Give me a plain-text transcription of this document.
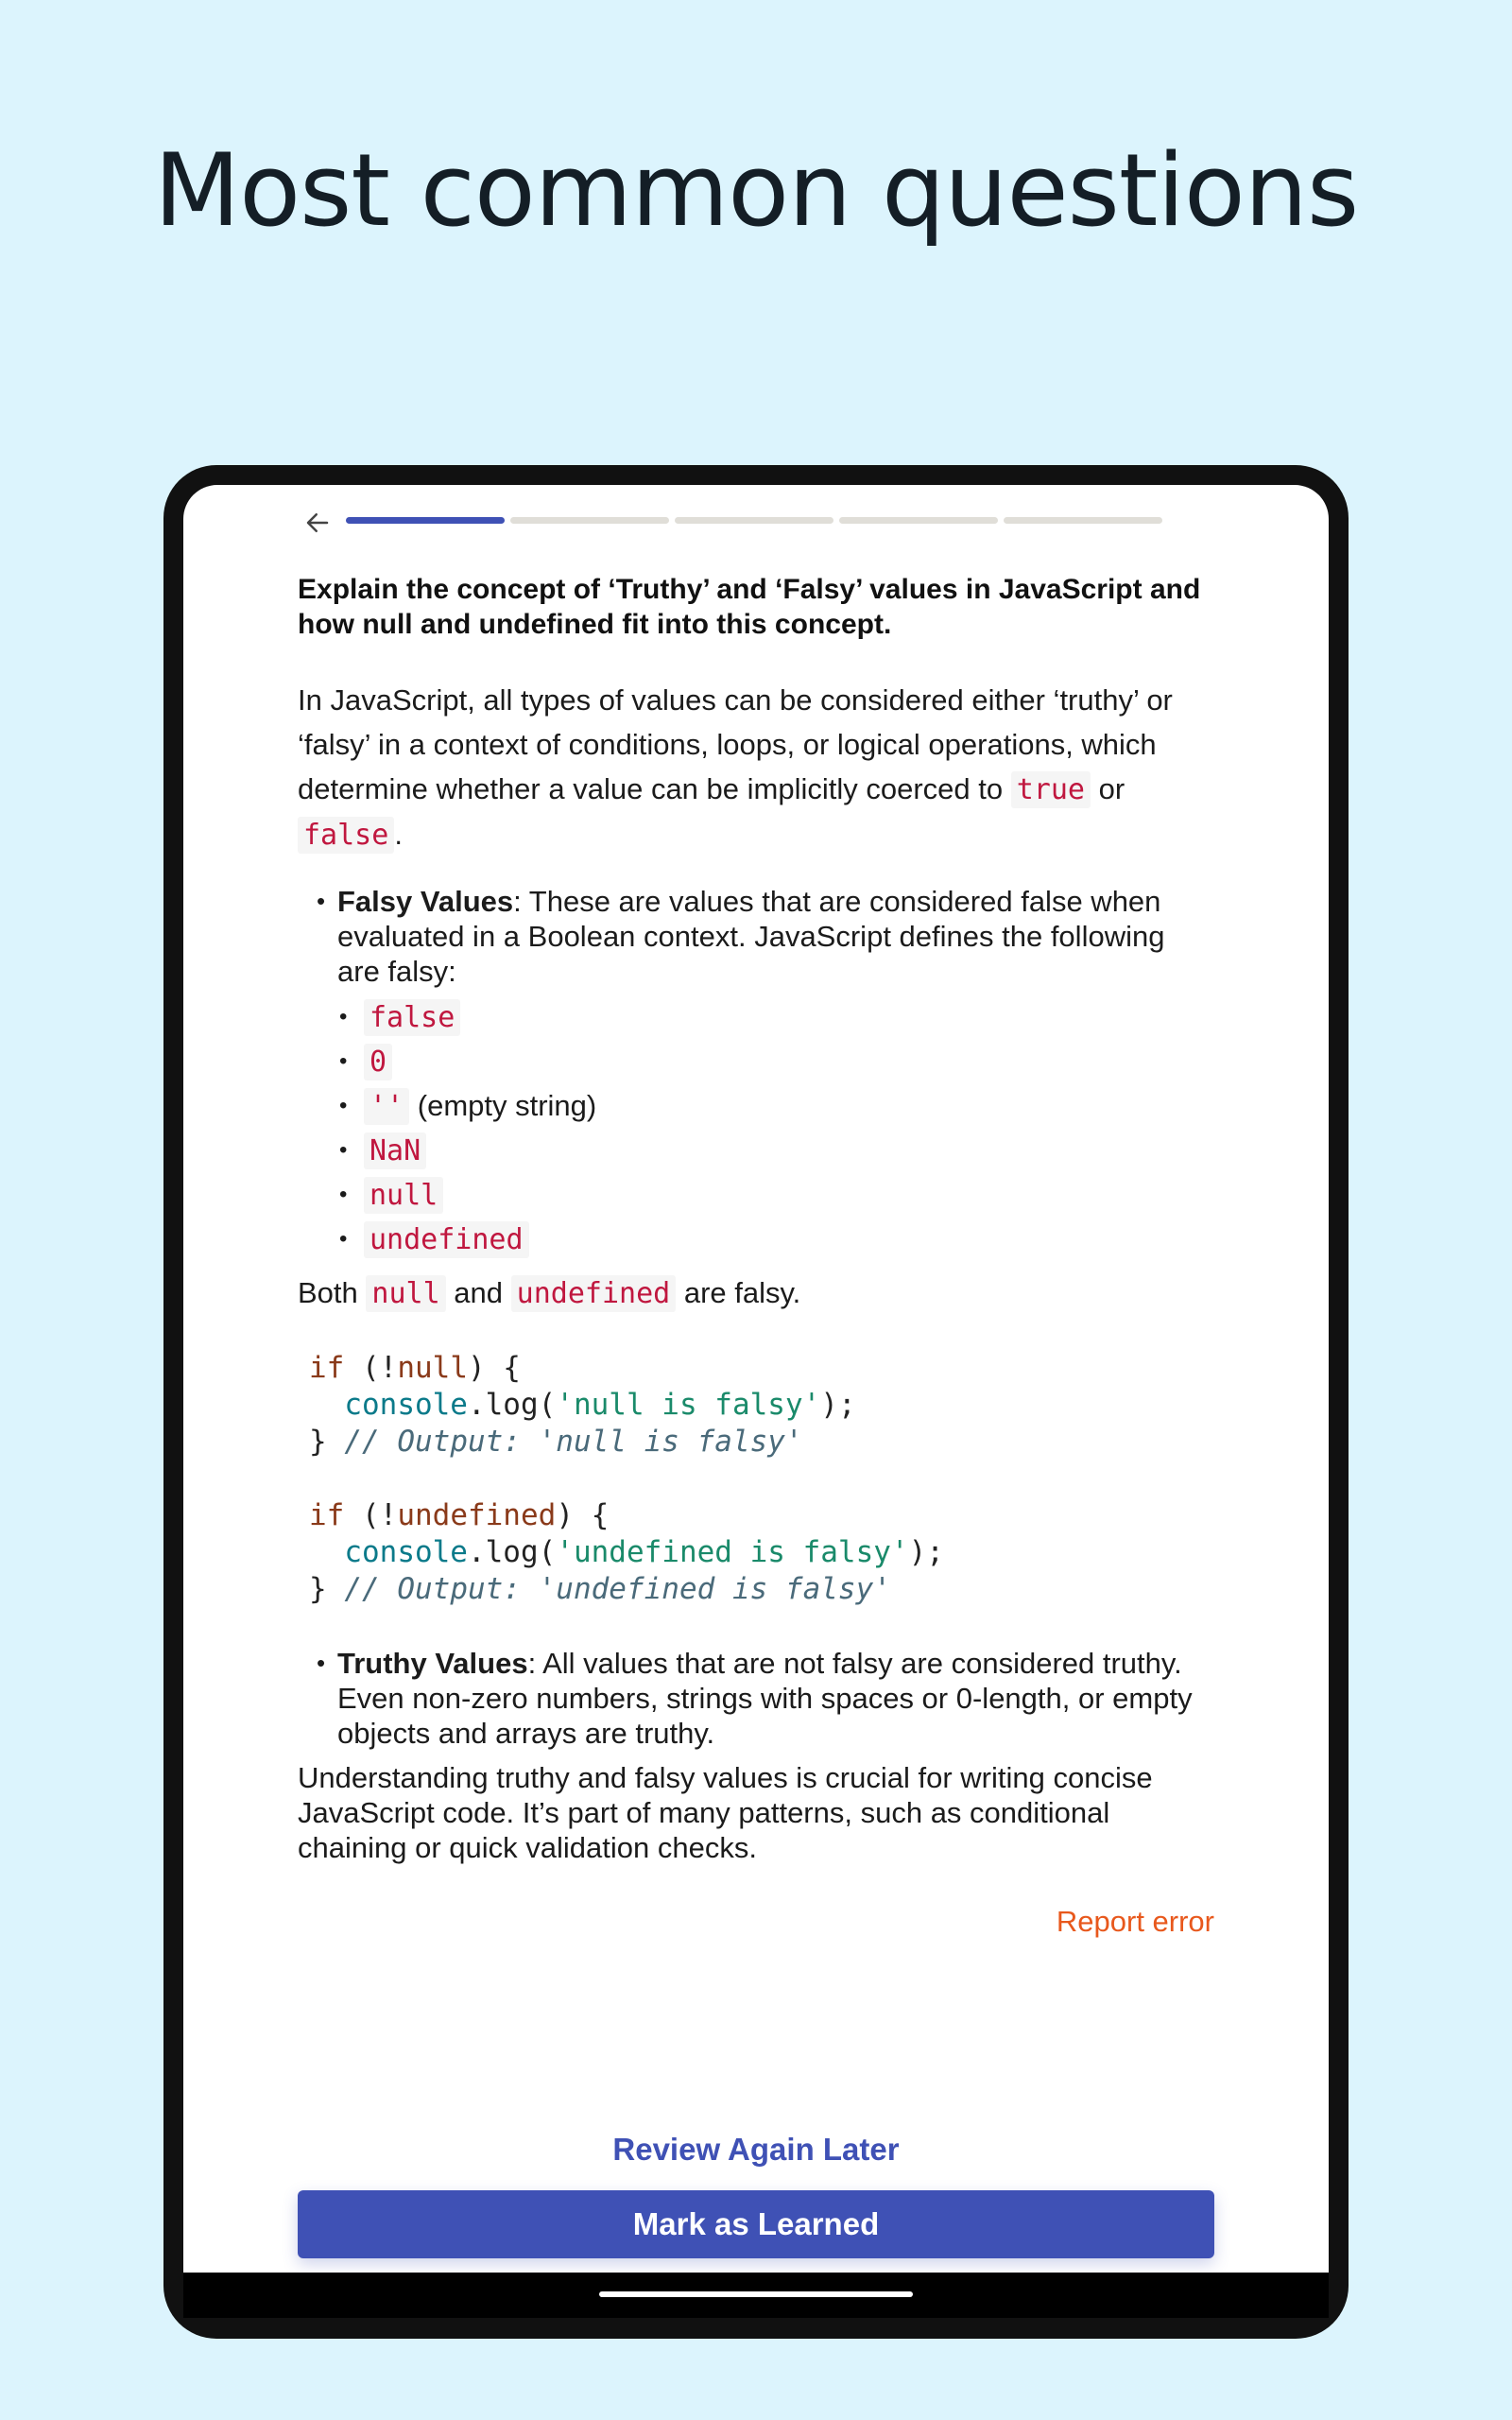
Most common questions

Explain the concept of ‘Truthy’ and ‘Falsy’ values in JavaScript and how null and undefined fit into this concept.

In JavaScript, all types of values can be considered either ‘truthy’ or ‘falsy’ in a context of conditions, loops, or logical operations, which determine whether a value can be implicitly coerced to true or false .

• Falsy Values: These are values that are considered false when evaluated in a Boolean context. JavaScript defines the following are falsy:
• false
• 0
• '' (empty string)
• NaN
• null
• undefined

Both null and undefined are falsy.

if (!null) {
console.log('null is falsy');
} // Output: 'null is falsy'

if (!undefined) {
console.log('undefined is falsy');
} // Output: 'undefined is falsy'
• Truthy Values: All values that are not falsy are considered truthy. Even non-zero numbers, strings with spaces or 0-length, or empty objects and arrays are truthy.

Understanding truthy and falsy values is crucial for writing concise JavaScript code. It’s part of many patterns, such as conditional chaining or quick validation checks.

Report error
Review Again Later
Mark as Learned
